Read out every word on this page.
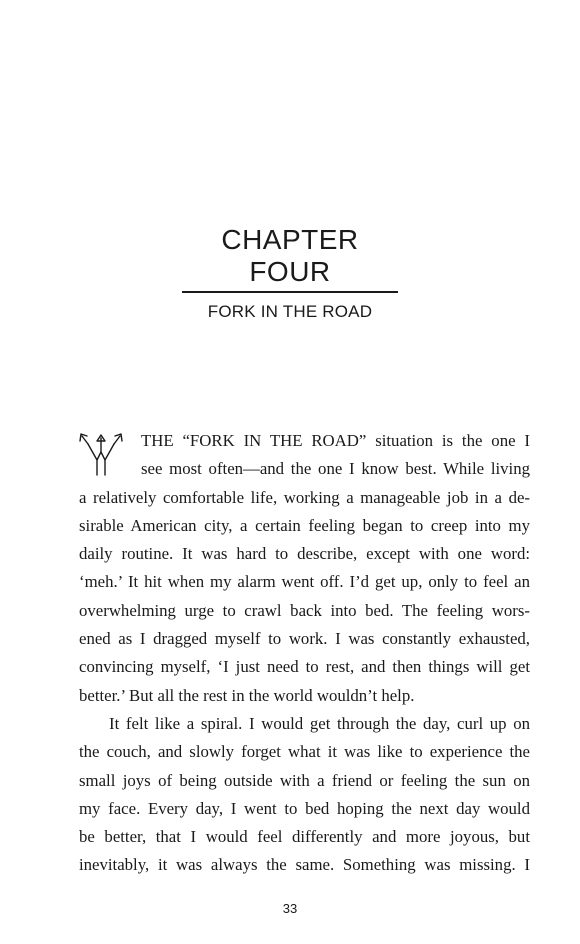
CHAPTER FOUR
FORK IN THE ROAD
THE “FORK IN THE ROAD” situation is the one I
see most often—and the one I know best. While living
a relatively comfortable life, working a manageable job in a de-
sirable American city, a certain feeling began to creep into my
daily routine. It was hard to describe, except with one word:
‘meh.’ It hit when my alarm went off. I’d get up, only to feel an
overwhelming urge to crawl back into bed. The feeling wors-
ened as I dragged myself to work. I was constantly exhausted,
convincing myself, ‘I just need to rest, and then things will get
better.’ But all the rest in the world wouldn’t help.
It felt like a spiral. I would get through the day, curl up on
the couch, and slowly forget what it was like to experience the
small joys of being outside with a friend or feeling the sun on
my face. Every day, I went to bed hoping the next day would
be better, that I would feel differently and more joyous, but
inevitably, it was always the same. Something was missing. I
33
